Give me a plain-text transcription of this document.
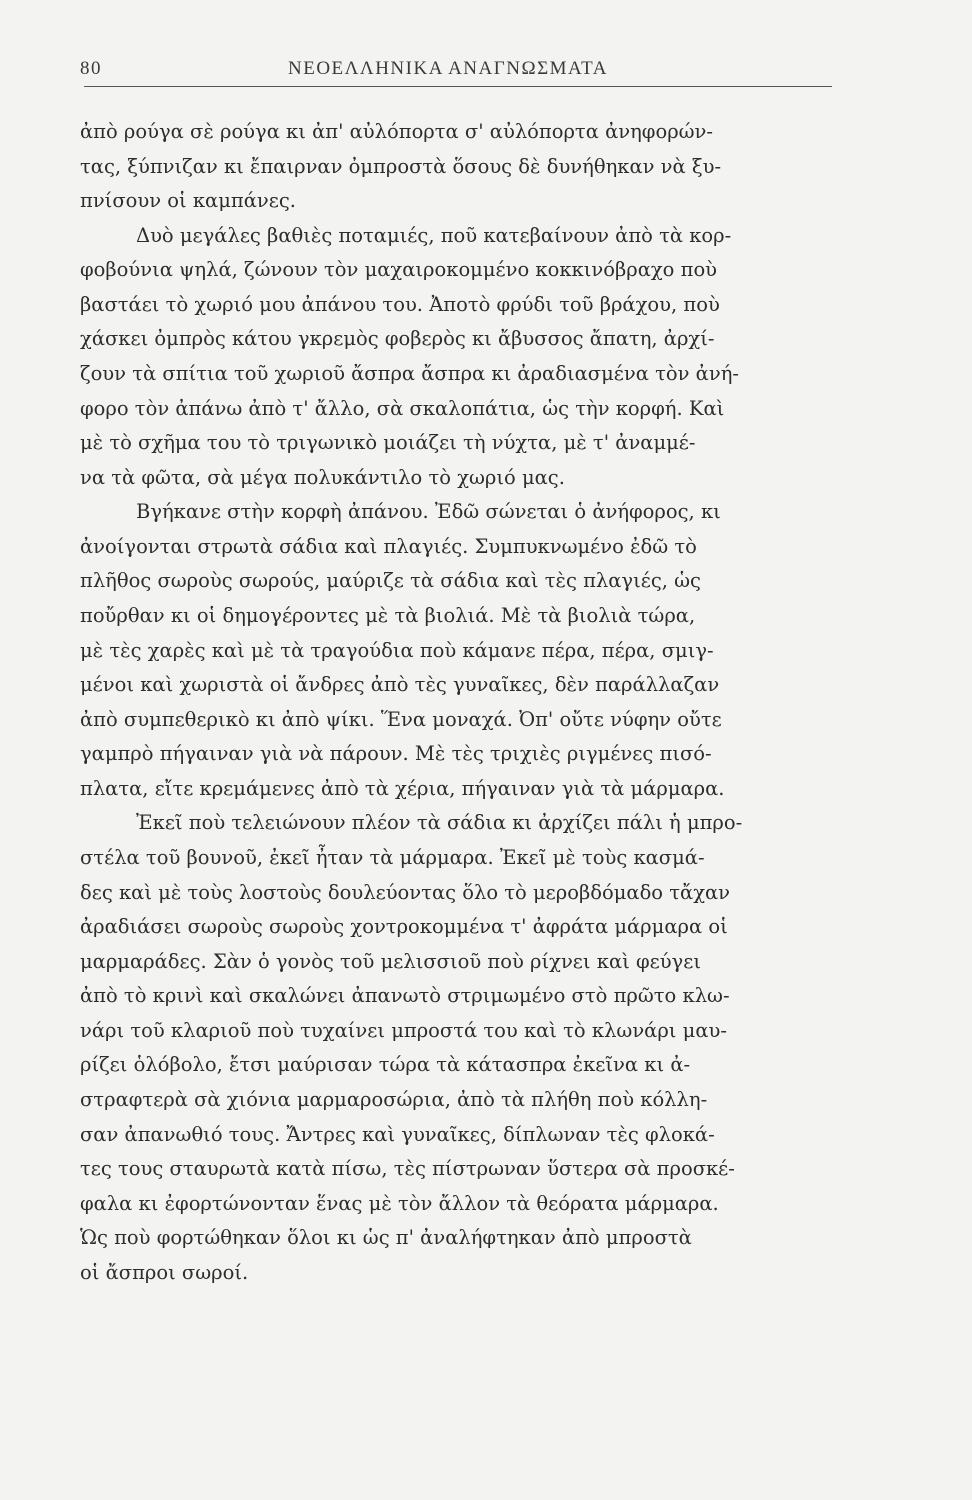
80	ΝΕΟΕΛΛΗΝΙΚΑ ΑΝΑΓΝΩΣΜΑΤΑ
ἀπὸ ρούγα σὲ ρούγα κι ἀπ' αὐλόπορτα σ' αὐλόπορτα ἀνηφορών-
τας, ξύπνιζαν κι ἔπαιρναν ὀμπροστὰ ὅσους δὲ δυνήθηκαν νὰ ξυ-
πνίσουν οἱ καμπάνες.
Δυὸ μεγάλες βαθιὲς ποταμιές, ποῦ κατεβαίνουν ἀπὸ τὰ κορ-
φοβούνια ψηλά, ζώνουν τὸν μαχαιροκομμένο κοκκινόβραχο ποὺ
βαστάει τὸ χωριό μου ἀπάνου του. Ἀποτὸ φρύδι τοῦ βράχου, ποὺ
χάσκει ὀμπρὸς κάτου γκρεμὸς φοβερὸς κι ἄβυσσος ἄπατη, ἀρχί-
ζουν τὰ σπίτια τοῦ χωριοῦ ἄσπρα ἄσπρα κι ἀραδιασμένα τὸν ἀνή-
φορο τὸν ἀπάνω ἀπὸ τ' ἄλλο, σὰ σκαλοπάτια, ὡς τὴν κορφή. Καὶ
μὲ τὸ σχῆμα του τὸ τριγωνικὸ μοιάζει τὴ νύχτα, μὲ τ' ἀναμμέ-
να τὰ φῶτα, σὰ μέγα πολυκάντιλο τὸ χωριό μας.
Βγήκανε στὴν κορφὴ ἀπάνου. Ἐδῶ σώνεται ὁ ἀνήφορος, κι
ἀνοίγονται στρωτὰ σάδια καὶ πλαγιές. Συμπυκνωμένο ἐδῶ τὸ
πλῆθος σωροὺς σωρούς, μαύριζε τὰ σάδια καὶ τὲς πλαγιές, ὡς
ποὔρθαν κι οἱ δημογέροντες μὲ τὰ βιολιά. Μὲ τὰ βιολιὰ τώρα,
μὲ τὲς χαρὲς καὶ μὲ τὰ τραγούδια ποὺ κάμανε πέρα, πέρα, σμιγ-
μένοι καὶ χωριστὰ οἱ ἄνδρες ἀπὸ τὲς γυναῖκες, δὲν παράλλαζαν
ἀπὸ συμπεθερικὸ κι ἀπὸ ψίκι. Ἕνα μοναχά. Ὀπ' οὔτε νύφην οὔτε
γαμπρὸ πήγαιναν γιὰ νὰ πάρουν. Μὲ τὲς τριχιὲς ριγμένες πισό-
πλατα, εἴτε κρεμάμενες ἀπὸ τὰ χέρια, πήγαιναν γιὰ τὰ μάρμαρα.
Ἐκεῖ ποὺ τελειώνουν πλέον τὰ σάδια κι ἀρχίζει πάλι ἡ μπρο-
στέλα τοῦ βουνοῦ, ἐκεῖ ἦταν τὰ μάρμαρα. Ἐκεῖ μὲ τοὺς κασμά-
δες καὶ μὲ τοὺς λοστοὺς δουλεύοντας ὅλο τὸ μεροβδόμαδο τἄχαν
ἀραδιάσει σωροὺς σωροὺς χοντροκομμένα τ' ἀφράτα μάρμαρα οἱ
μαρμαράδες. Σὰν ὁ γονὸς τοῦ μελισσιοῦ ποὺ ρίχνει καὶ φεύγει
ἀπὸ τὸ κρινὶ καὶ σκαλώνει ἀπανωτὸ στριμωμένο στὸ πρῶτο κλω-
νάρι τοῦ κλαριοῦ ποὺ τυχαίνει μπροστά του καὶ τὸ κλωνάρι μαυ-
ρίζει ὁλόβολο, ἔτσι μαύρισαν τώρα τὰ κάτασπρα ἐκεῖνα κι ἀ-
στραφτερὰ σὰ χιόνια μαρμαροσώρια, ἀπὸ τὰ πλήθη ποὺ κόλλη-
σαν ἀπανωθιό τους. Ἄντρες καὶ γυναῖκες, δίπλωναν τὲς φλοκά-
τες τους σταυρωτὰ κατὰ πίσω, τὲς πίστρωναν ὕστερα σὰ προσκέ-
φαλα κι ἐφορτώνονταν ἕνας μὲ τὸν ἄλλον τὰ θεόρατα μάρμαρα.
Ὡς ποὺ φορτώθηκαν ὅλοι κι ὡς π' ἀναλήφτηκαν ἀπὸ μπροστὰ
οἱ ἄσπροι σωροί.
